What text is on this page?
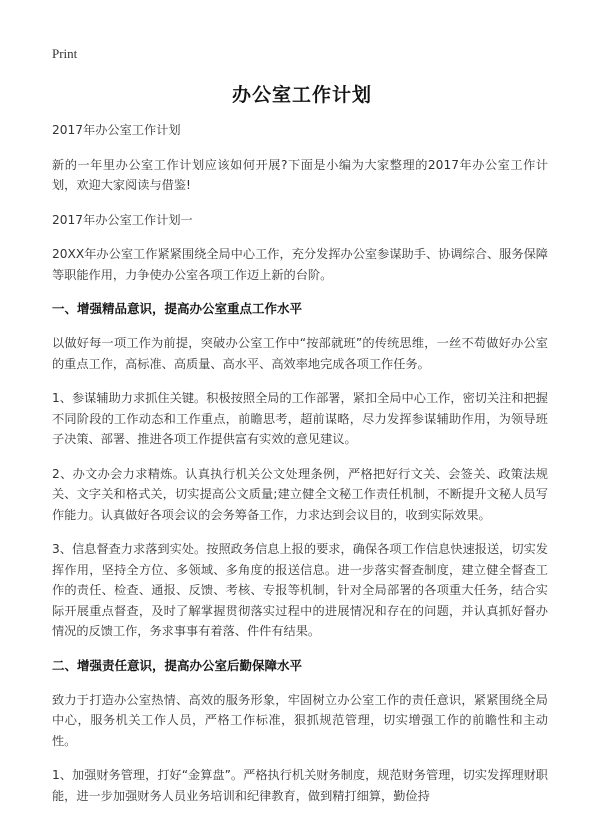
Print
办公室工作计划

2017年办公室工作计划

新的一年里办公室工作计划应该如何开展?下面是小编为大家整理的2017年办公室工作计划，欢迎大家阅读与借鉴!

2017年办公室工作计划一

20XX年办公室工作紧紧围绕全局中心工作，充分发挥办公室参谋助手、协调综合、服务保障等职能作用，力争使办公室各项工作迈上新的台阶。

一、增强精品意识，提高办公室重点工作水平

以做好每一项工作为前提，突破办公室工作中“按部就班”的传统思维，一丝不苟做好办公室的重点工作，高标准、高质量、高水平、高效率地完成各项工作任务。

1、参谋辅助力求抓住关键。积极按照全局的工作部署，紧扣全局中心工作，密切关注和把握不同阶段的工作动态和工作重点，前瞻思考，超前谋略，尽力发挥参谋辅助作用，为领导班子决策、部署、推进各项工作提供富有实效的意见建议。

2、办文办会力求精炼。认真执行机关公文处理条例，严格把好行文关、会签关、政策法规关、文字关和格式关，切实提高公文质量;建立健全文秘工作责任机制，不断提升文秘人员写作能力。认真做好各项会议的会务筹备工作，力求达到会议目的，收到实际效果。

3、信息督查力求落到实处。按照政务信息上报的要求，确保各项工作信息快速报送，切实发挥作用，坚持全方位、多领域、多角度的报送信息。进一步落实督查制度，建立健全督查工作的责任、检查、通报、反馈、考核、专报等机制，针对全局部署的各项重大任务，结合实际开展重点督查，及时了解掌握贯彻落实过程中的进展情况和存在的问题，并认真抓好督办情况的反馈工作，务求事事有着落、件件有结果。

二、增强责任意识，提高办公室后勤保障水平

致力于打造办公室热情、高效的服务形象，牢固树立办公室工作的责任意识，紧紧围绕全局中心，服务机关工作人员，严格工作标准，狠抓规范管理，切实增强工作的前瞻性和主动性。

1、加强财务管理，打好“金算盘”。严格执行机关财务制度，规范财务管理，切实发挥理财职能，进一步加强财务人员业务培训和纪律教育，做到精打细算，勤俭持
